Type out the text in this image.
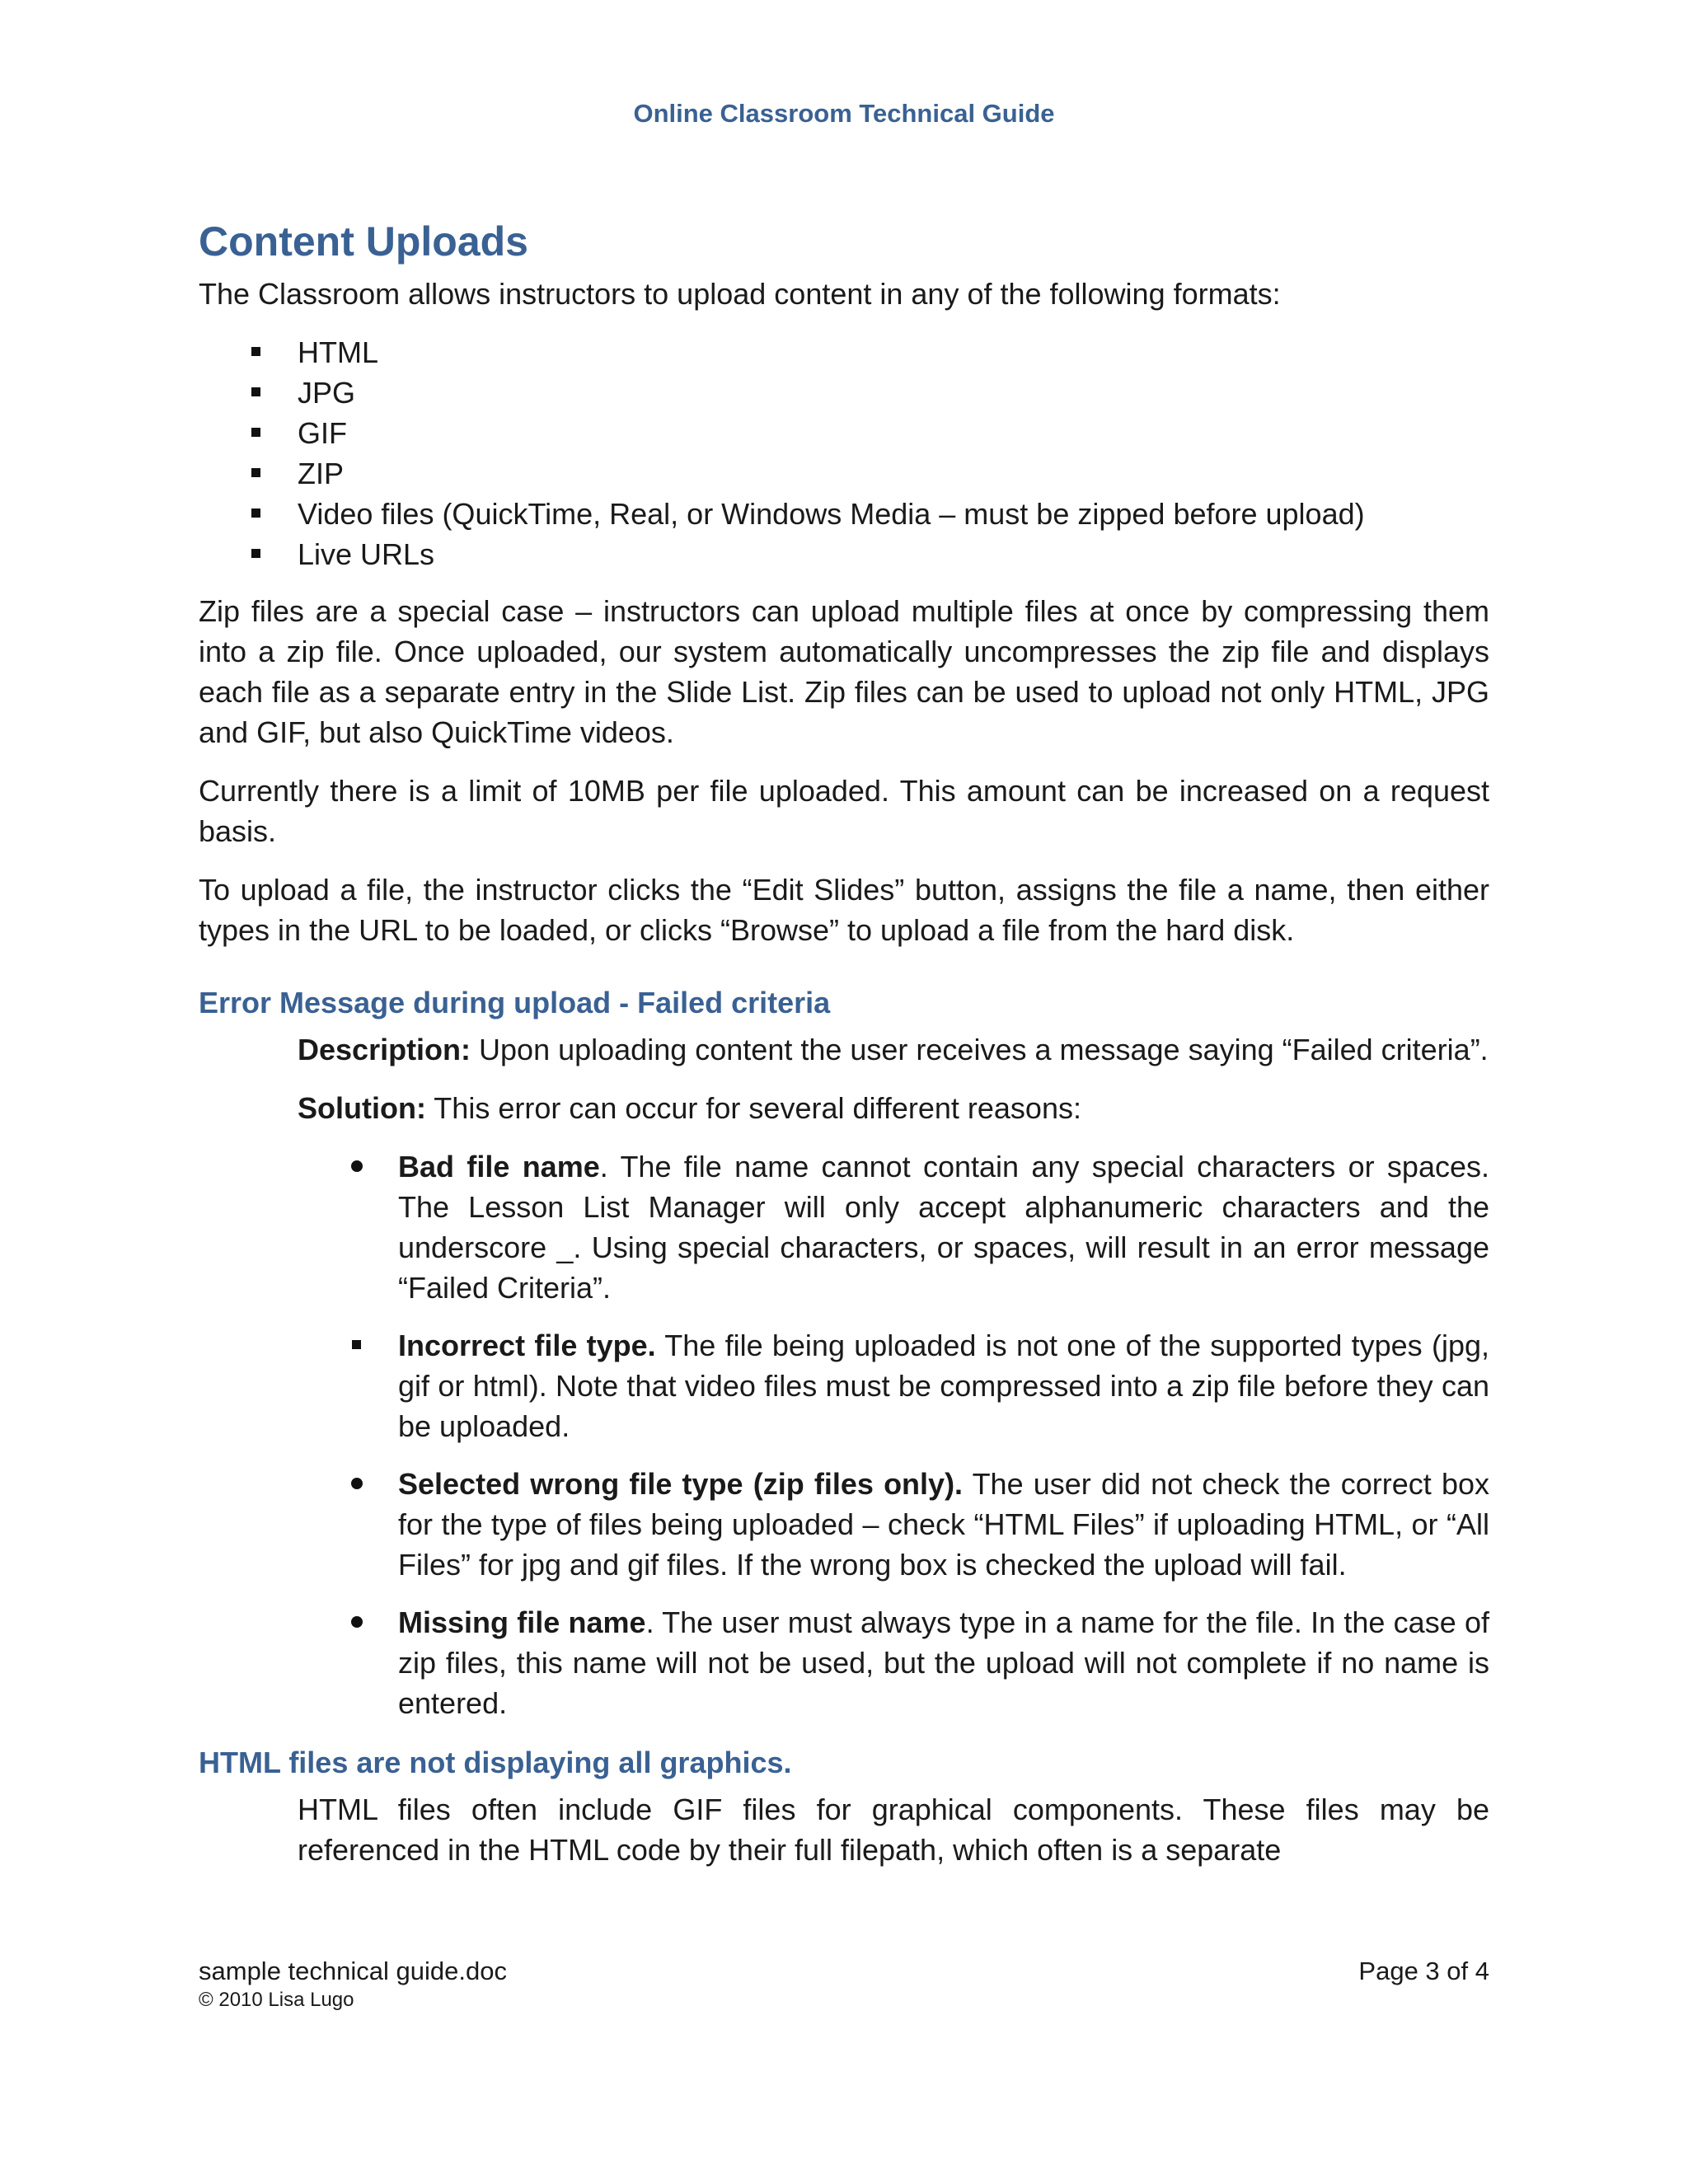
Online Classroom Technical Guide
Content Uploads

The Classroom allows instructors to upload content in any of the following formats:

HTML
JPG
GIF
ZIP
Video files (QuickTime, Real, or Windows Media – must be zipped before upload)
Live URLs

Zip files are a special case – instructors can upload multiple files at once by compressing them into a zip file. Once uploaded, our system automatically uncompresses the zip file and displays each file as a separate entry in the Slide List. Zip files can be used to upload not only HTML, JPG and GIF, but also QuickTime videos.

Currently there is a limit of 10MB per file uploaded. This amount can be increased on a request basis.

To upload a file, the instructor clicks the “Edit Slides” button, assigns the file a name, then either types in the URL to be loaded, or clicks “Browse” to upload a file from the hard disk.

Error Message during upload - Failed criteria

Description: Upon uploading content the user receives a message saying “Failed criteria”.

Solution: This error can occur for several different reasons:

Bad file name. The file name cannot contain any special characters or spaces. The Lesson List Manager will only accept alphanumeric characters and the underscore _. Using special characters, or spaces, will result in an error message “Failed Criteria”.
Incorrect file type. The file being uploaded is not one of the supported types (jpg, gif or html). Note that video files must be compressed into a zip file before they can be uploaded.
Selected wrong file type (zip files only). The user did not check the correct box for the type of files being uploaded – check “HTML Files” if uploading HTML, or “All Files” for jpg and gif files. If the wrong box is checked the upload will fail.
Missing file name. The user must always type in a name for the file. In the case of zip files, this name will not be used, but the upload will not complete if no name is entered.
HTML files are not displaying all graphics.

HTML files often include GIF files for graphical components. These files may be referenced in the HTML code by their full filepath, which often is a separate

sample technical guide.doc	Page 3 of 4
© 2010 Lisa Lugo
